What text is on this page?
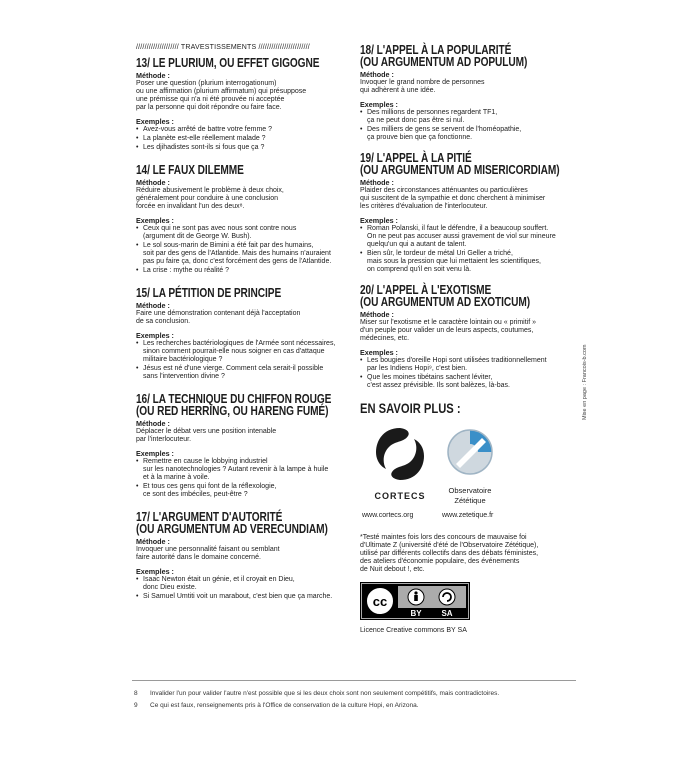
//////////////////// TRAVESTISSEMENTS ////////////////////////
13/ LE PLURIUM, OU EFFET GIGOGNE

Méthode :

Poser une question (plurium interrogationum)
ou une affirmation (plurium affirmatum) qui présuppose
une prémisse qui n'a ni été prouvée ni acceptée
par la personne qui doit répondre ou faire face.

Exemples :

• Avez-vous arrêté de battre votre femme ?
• La planète est-elle réellement malade ?
• Les djihadistes sont-ils si fous que ça ?
14/ LE FAUX DILEMME

Méthode :

Réduire abusivement le problème à deux choix,
généralement pour conduire à une conclusion
forcée en invalidant l'un des deux⁸.

Exemples :

• Ceux qui ne sont pas avec nous sont contre nous
(argument dit de George W. Bush).
• Le sol sous-marin de Bimini a été fait par des humains,
soit par des gens de l'Atlantide. Mais des humains n'auraient
pas pu faire ça, donc c'est forcément des gens de l'Atlantide.
• La crise : mythe ou réalité ?
15/ LA PÉTITION DE PRINCIPE

Méthode :

Faire une démonstration contenant déjà l'acceptation
de sa conclusion.

Exemples :

• Les recherches bactériologiques de l'Armée sont nécessaires,
sinon comment pourrait-elle nous soigner en cas d'attaque
militaire bactériologique ?
• Jésus est né d'une vierge. Comment cela serait-il possible
sans l'intervention divine ?
16/ LA TECHNIQUE DU CHIFFON ROUGE
(OU RED HERRING, OU HARENG FUMÉ)

Méthode :

Déplacer le débat vers une position intenable
par l'interlocuteur.

Exemples :

• Remettre en cause le lobbying industriel
sur les nanotechnologies ? Autant revenir à la lampe à huile
et à la marine à voile.
• Et tous ces gens qui font de la réflexologie,
ce sont des imbéciles, peut-être ?
17/ L'ARGUMENT D'AUTORITÉ
(OU ARGUMENTUM AD VERECUNDIAM)

Méthode :

Invoquer une personnalité faisant ou semblant
faire autorité dans le domaine concerné.

Exemples :

• Isaac Newton était un génie, et il croyait en Dieu,
donc Dieu existe.
• Si Samuel Umtiti voit un marabout, c'est bien que ça marche.
18/ L'APPEL À LA POPULARITÉ
(OU ARGUMENTUM AD POPULUM)

Méthode :

Invoquer le grand nombre de personnes
qui adhèrent à une idée.

Exemples :

• Des millions de personnes regardent TF1,
ça ne peut donc pas être si nul.
• Des milliers de gens se servent de l'homéopathie,
ça prouve bien que ça fonctionne.
19/ L'APPEL À LA PITIÉ
(OU ARGUMENTUM AD MISERICORDIAM)

Méthode :

Plaider des circonstances atténuantes ou particulières
qui suscitent de la sympathie et donc cherchent à minimiser
les critères d'évaluation de l'interlocuteur.

Exemples :

• Roman Polanski, il faut le défendre, il a beaucoup souffert.
On ne peut pas accuser aussi gravement de viol sur mineure
quelqu'un qui a autant de talent.
• Bien sûr, le tordeur de métal Uri Geller a triché,
mais sous la pression que lui mettaient les scientifiques,
on comprend qu'il en soit venu là.
20/ L'APPEL À L'EXOTISME
(OU ARGUMENTUM AD EXOTICUM)

Méthode :

Miser sur l'exotisme et le caractère lointain ou « primitif »
d'un peuple pour valider un de leurs aspects, coutumes,
médecines, etc.

Exemples :

• Les bougies d'oreille Hopi sont utilisées traditionnellement
par les Indiens Hopi⁹, c'est bien.
• Que les moines tibétains sachent léviter,
c'est assez prévisible. Ils sont balèzes, là-bas.
EN SAVOIR PLUS :
CORTECS
Observatoire
Zététique
www.cortecs.org	www.zetetique.fr

*Testé maintes fois lors des concours de mauvaise foi
d'Ultimate Z (université d'été de l'Observatoire Zététique),
utilisé par différents collectifs dans des débats féministes,
des ateliers d'économie populaire, des événements
de Nuit debout !, etc.

cc
BY SA
Licence Creative commons BY SA
Mise en page : Francois-b.com
8 Invalider l'un pour valider l'autre n'est possible que si les deux choix sont non seulement compétitifs, mais contradictoires.
9 Ce qui est faux, renseignements pris à l'Office de conservation de la culture Hopi, en Arizona.
